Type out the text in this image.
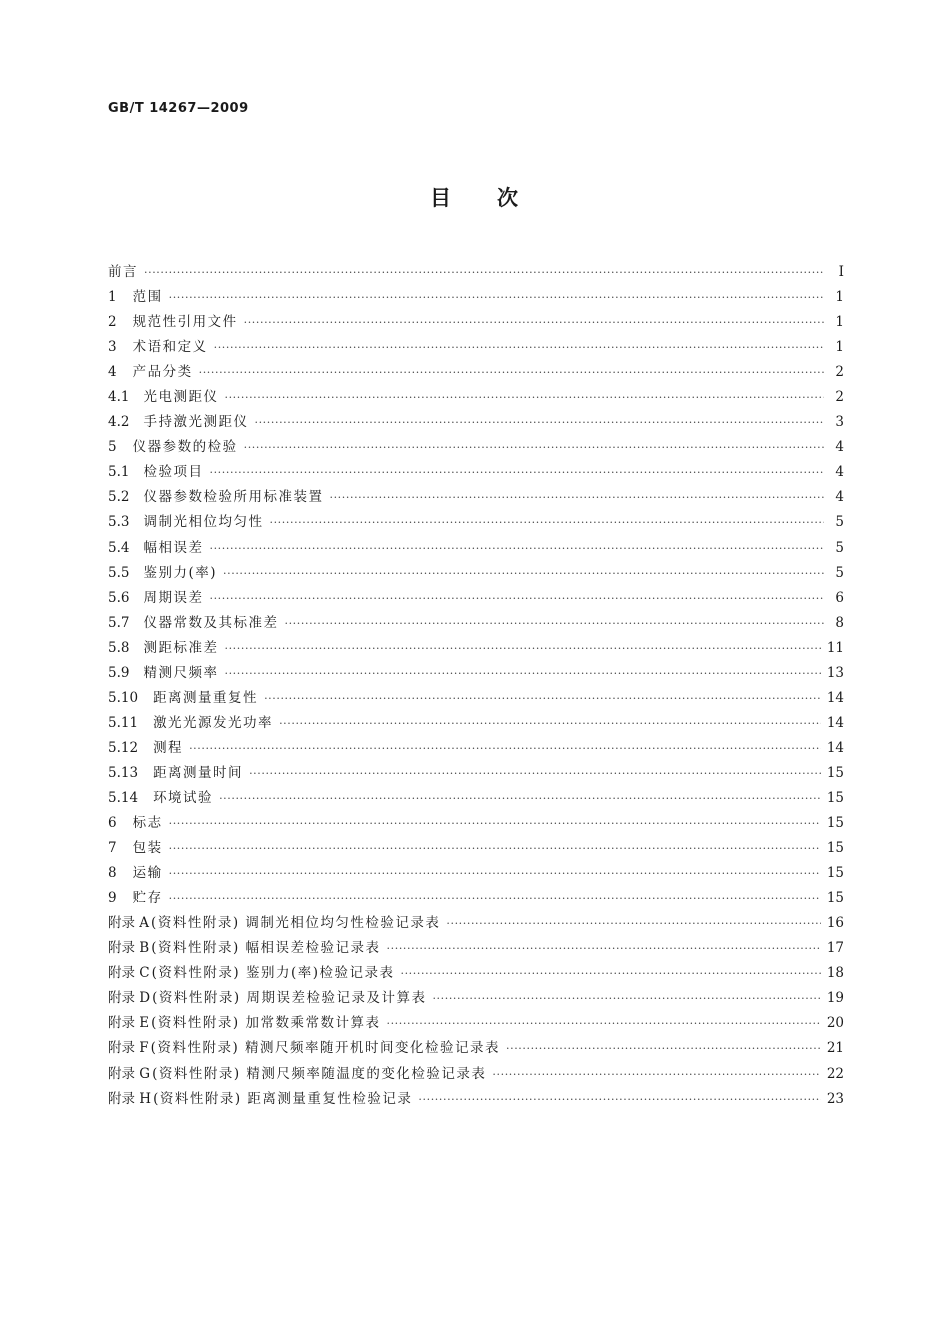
GB/T 14267—2009
目 次
前言 ·····	Ⅰ
1 范围 ·····	1
2 规范性引用文件 ·····	1
3 术语和定义 ·····	1
4 产品分类 ·····	2
4.1 光电测距仪 ·····	2
4.2 手持激光测距仪 ·····	3
5 仪器参数的检验 ·····	4
5.1 检验项目 ·····	4
5.2 仪器参数检验所用标准装置 ·····	4
5.3 调制光相位均匀性 ·····	5
5.4 幅相误差 ·····	5
5.5 鉴别力(率) ·····	5
5.6 周期误差 ·····	6
5.7 仪器常数及其标准差 ·····	8
5.8 测距标准差 ·····	11
5.9 精测尺频率 ·····	13
5.10 距离测量重复性 ·····	14
5.11 激光光源发光功率 ·····	14
5.12 测程 ·····	14
5.13 距离测量时间 ·····	15
5.14 环境试验 ·····	15
6 标志 ·····	15
7 包装 ·····	15
8 运输 ·····	15
9 贮存 ·····	15
附录 A (资料性附录) 调制光相位均匀性检验记录表 ·····	16
附录 B (资料性附录) 幅相误差检验记录表 ·····	17
附录 C (资料性附录) 鉴别力(率)检验记录表 ·····	18
附录 D (资料性附录) 周期误差检验记录及计算表 ·····	19
附录 E (资料性附录) 加常数乘常数计算表 ·····	20
附录 F (资料性附录) 精测尺频率随开机时间变化检验记录表 ·····	21
附录 G (资料性附录) 精测尺频率随温度的变化检验记录表 ·····	22
附录 H (资料性附录) 距离测量重复性检验记录 ·····	23
